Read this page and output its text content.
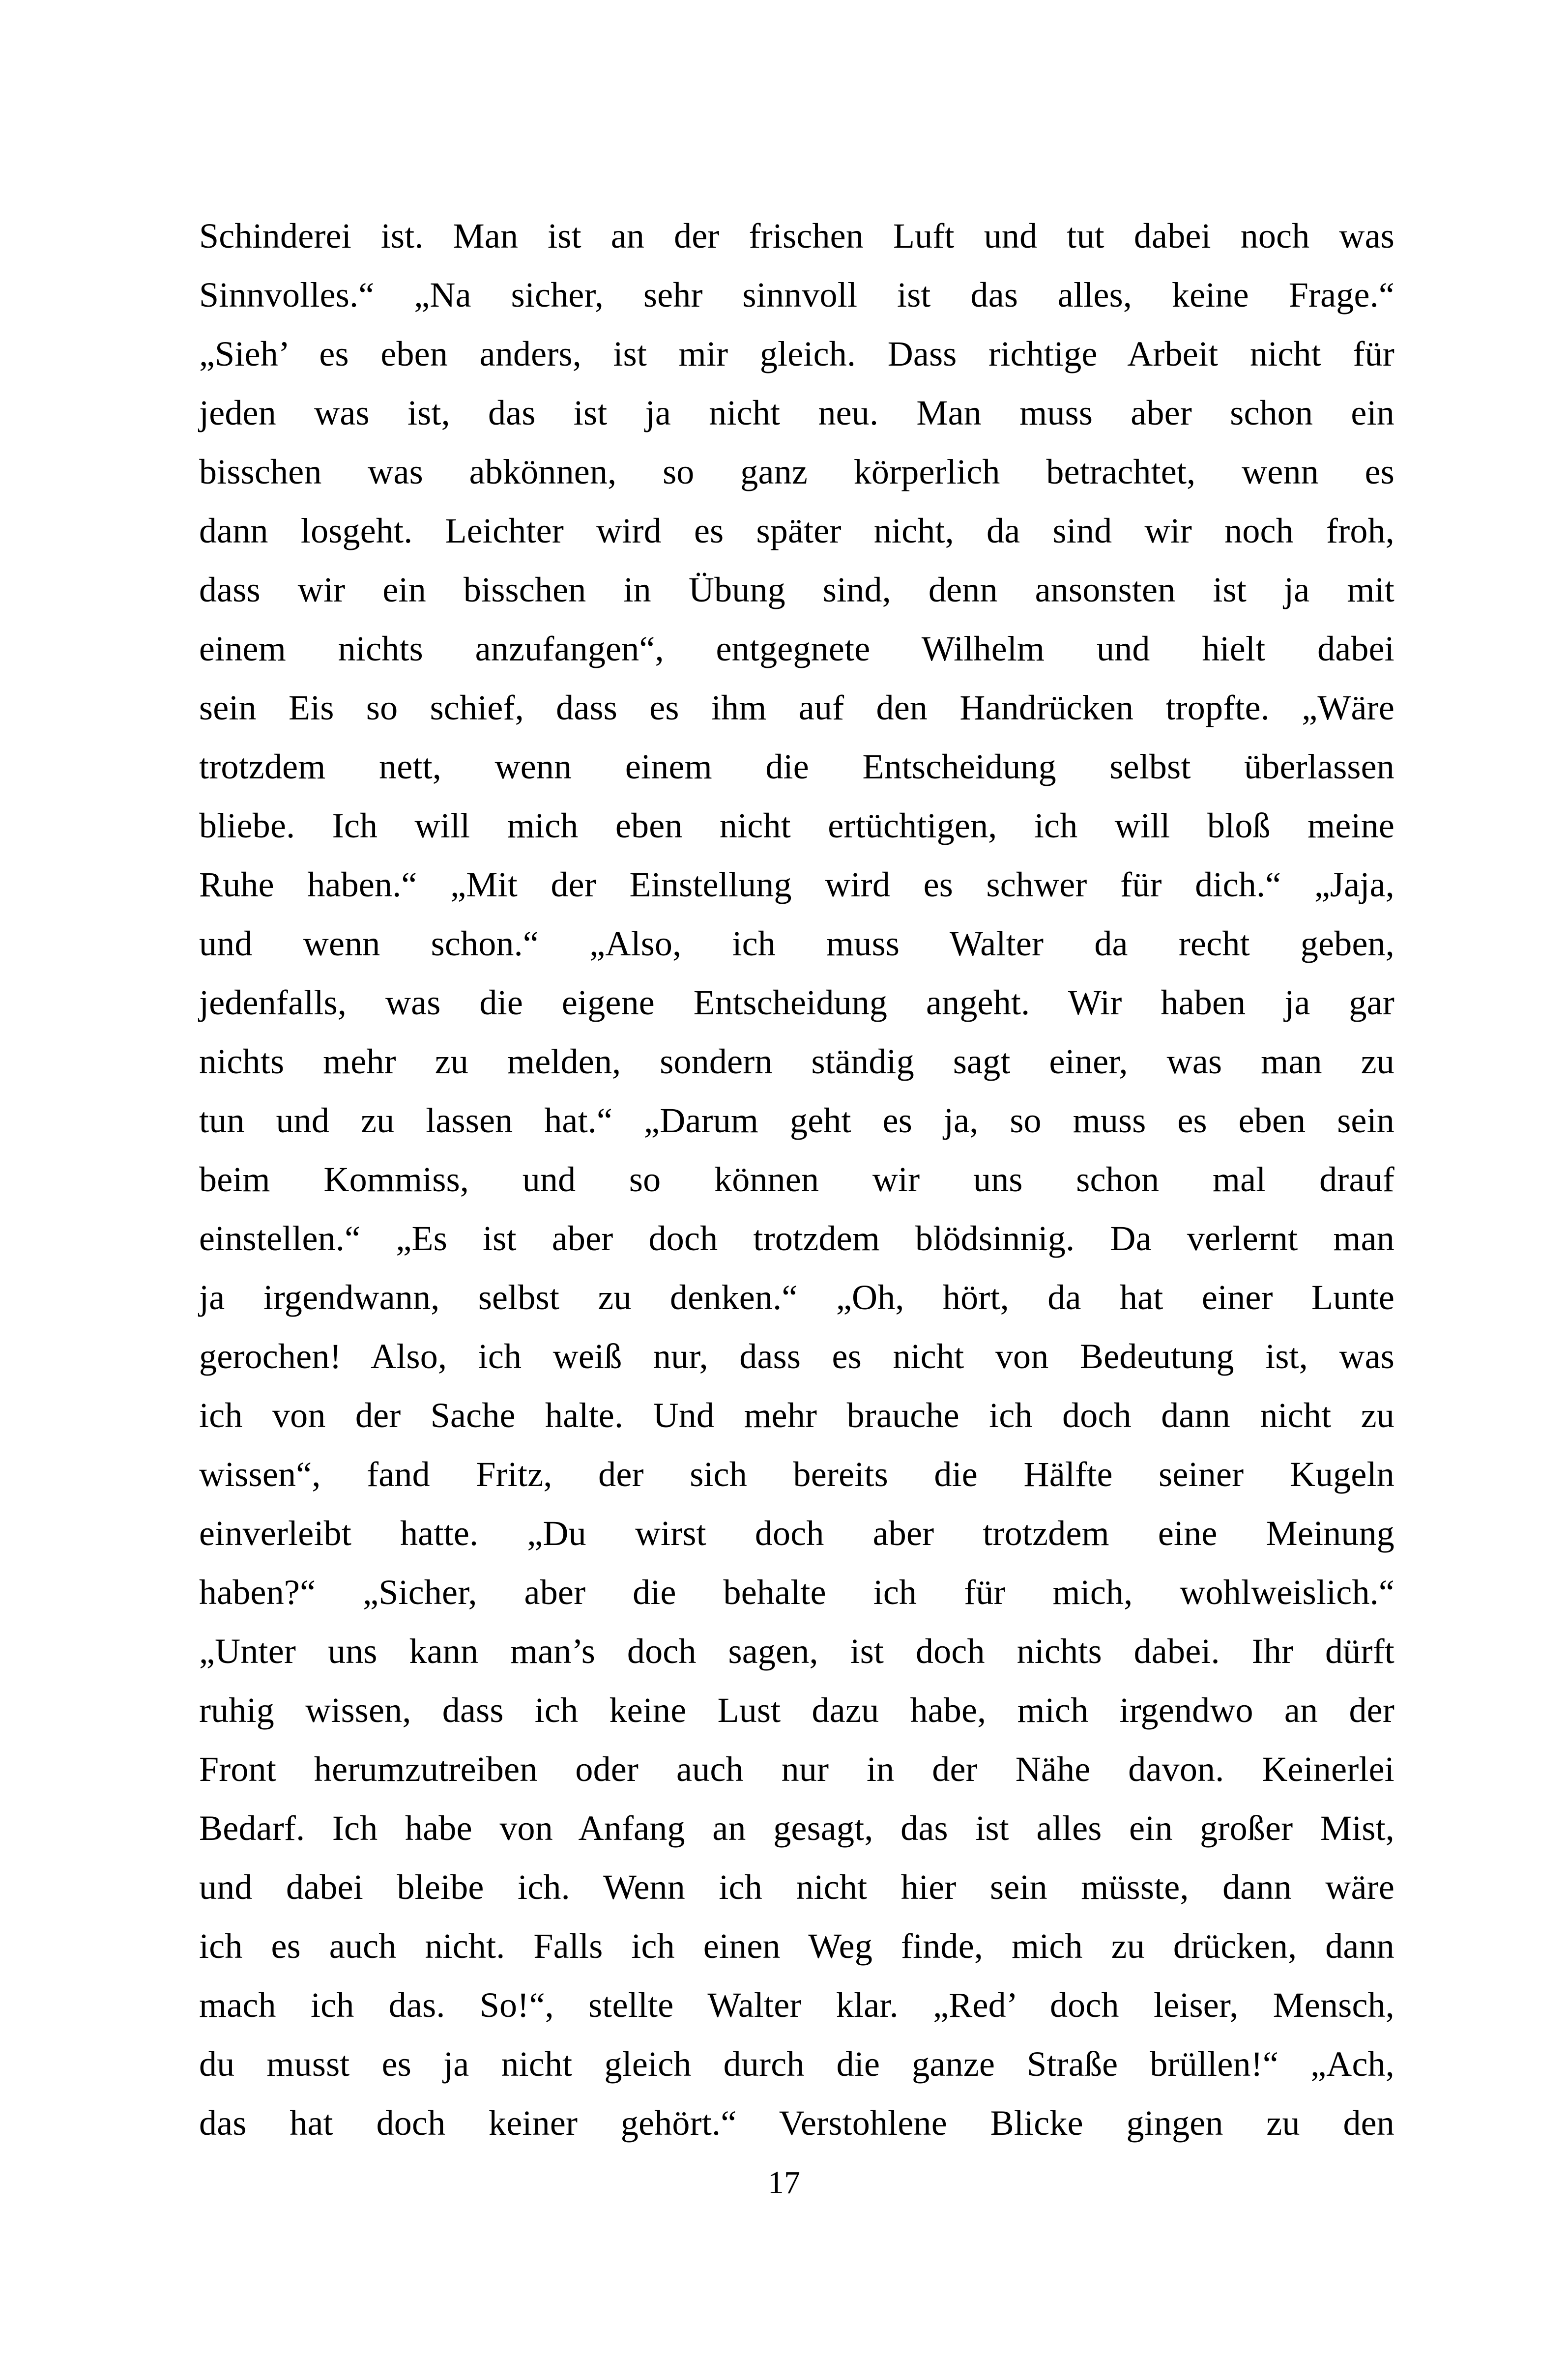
Schinderei ist. Man ist an der frischen Luft und tut dabei noch was
Sinnvolles.“ „Na sicher, sehr sinnvoll ist das alles, keine Frage.“
„Sieh’ es eben anders, ist mir gleich. Dass richtige Arbeit nicht für
jeden was ist, das ist ja nicht neu. Man muss aber schon ein
bisschen was abkönnen, so ganz körperlich betrachtet, wenn es
dann losgeht. Leichter wird es später nicht, da sind wir noch froh,
dass wir ein bisschen in Übung sind, denn ansonsten ist ja mit
einem nichts anzufangen“, entgegnete Wilhelm und hielt dabei
sein Eis so schief, dass es ihm auf den Handrücken tropfte. „Wäre
trotzdem nett, wenn einem die Entscheidung selbst überlassen
bliebe. Ich will mich eben nicht ertüchtigen, ich will bloß meine
Ruhe haben.“ „Mit der Einstellung wird es schwer für dich.“ „Jaja,
und wenn schon.“ „Also, ich muss Walter da recht geben,
jedenfalls, was die eigene Entscheidung angeht. Wir haben ja gar
nichts mehr zu melden, sondern ständig sagt einer, was man zu
tun und zu lassen hat.“ „Darum geht es ja, so muss es eben sein
beim Kommiss, und so können wir uns schon mal drauf
einstellen.“ „Es ist aber doch trotzdem blödsinnig. Da verlernt man
ja irgendwann, selbst zu denken.“ „Oh, hört, da hat einer Lunte
gerochen! Also, ich weiß nur, dass es nicht von Bedeutung ist, was
ich von der Sache halte. Und mehr brauche ich doch dann nicht zu
wissen“, fand Fritz, der sich bereits die Hälfte seiner Kugeln
einverleibt hatte. „Du wirst doch aber trotzdem eine Meinung
haben?“ „Sicher, aber die behalte ich für mich, wohlweislich.“
„Unter uns kann man’s doch sagen, ist doch nichts dabei. Ihr dürft
ruhig wissen, dass ich keine Lust dazu habe, mich irgendwo an der
Front herumzutreiben oder auch nur in der Nähe davon. Keinerlei
Bedarf. Ich habe von Anfang an gesagt, das ist alles ein großer Mist,
und dabei bleibe ich. Wenn ich nicht hier sein müsste, dann wäre
ich es auch nicht. Falls ich einen Weg finde, mich zu drücken, dann
mach ich das. So!“, stellte Walter klar. „Red’ doch leiser, Mensch,
du musst es ja nicht gleich durch die ganze Straße brüllen!“ „Ach,
das hat doch keiner gehört.“ Verstohlene Blicke gingen zu den
17
